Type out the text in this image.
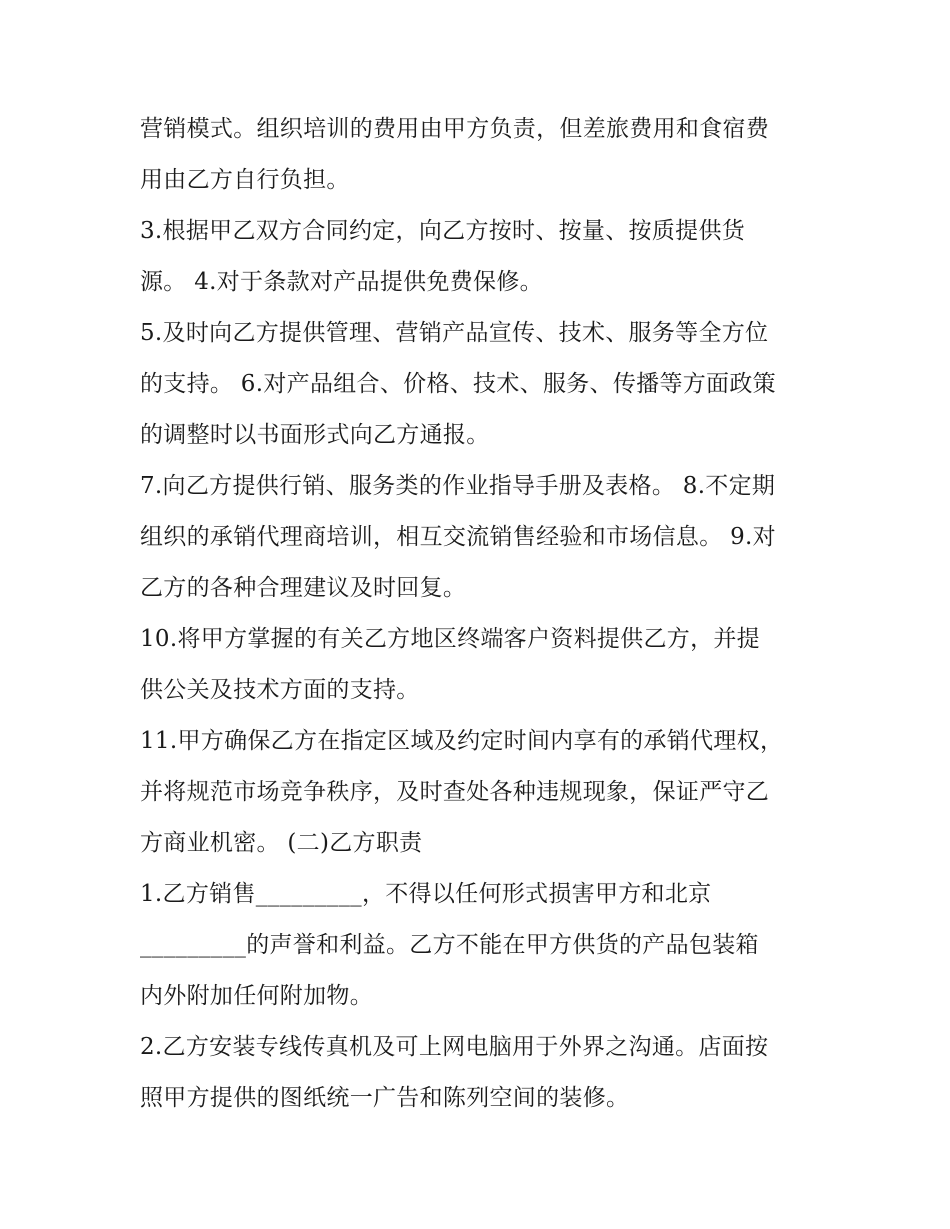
营销模式。组织培训的费用由甲方负责，但差旅费用和食宿费
用由乙方自行负担。
3.根据甲乙双方合同约定，向乙方按时、按量、按质提供货
源。 4.对于条款对产品提供免费保修。
5.及时向乙方提供管理、营销产品宣传、技术、服务等全方位
的支持。 6.对产品组合、价格、技术、服务、传播等方面政策
的调整时以书面形式向乙方通报。
7.向乙方提供行销、服务类的作业指导手册及表格。 8.不定期
组织的承销代理商培训，相互交流销售经验和市场信息。 9.对
乙方的各种合理建议及时回复。
10.将甲方掌握的有关乙方地区终端客户资料提供乙方，并提
供公关及技术方面的支持。
11.甲方确保乙方在指定区域及约定时间内享有的承销代理权，
并将规范市场竞争秩序，及时查处各种违规现象，保证严守乙
方商业机密。 (二)乙方职责
1.乙方销售_________，不得以任何形式损害甲方和北京
_________的声誉和利益。乙方不能在甲方供货的产品包装箱
内外附加任何附加物。
2.乙方安装专线传真机及可上网电脑用于外界之沟通。店面按
照甲方提供的图纸统一广告和陈列空间的装修。
